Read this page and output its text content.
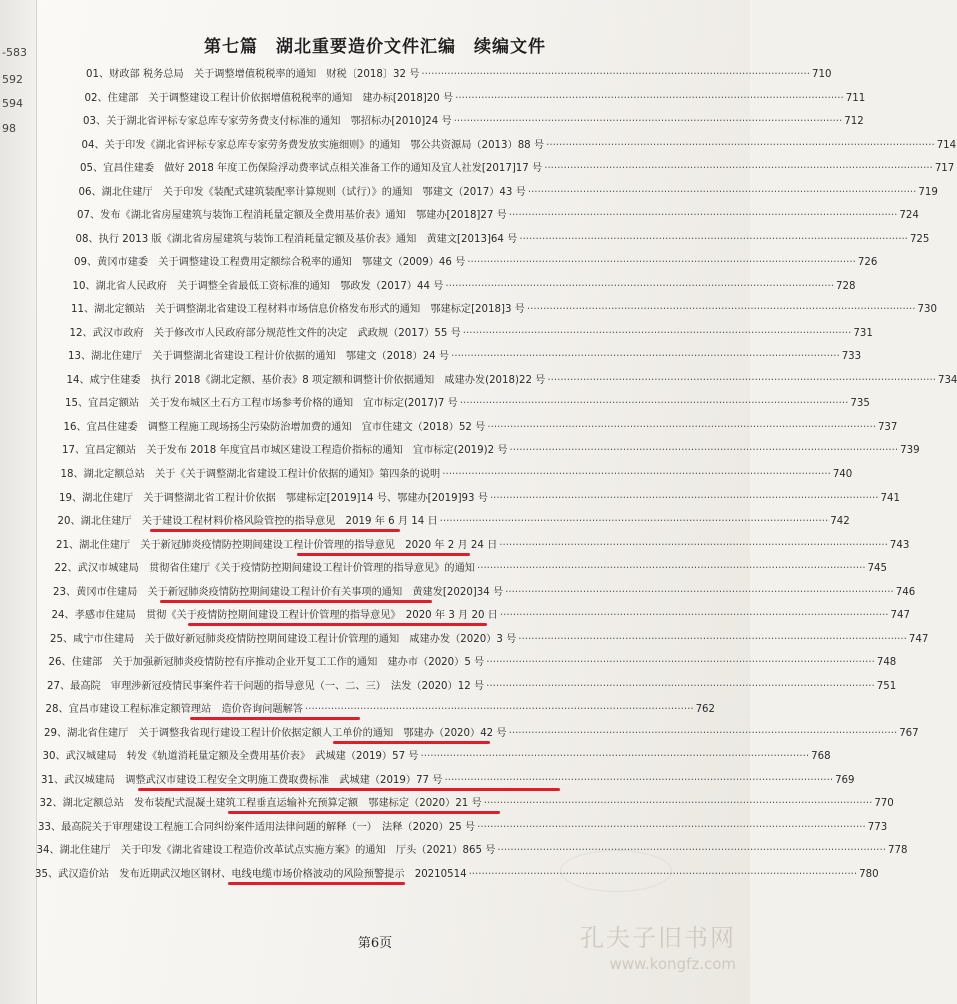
-583
592
594
98
第七篇　湖北重要造价文件汇编　续编文件
01、财政部 税务总局　关于调整增值税税率的通知　财税〔2018〕32 号 ························································································································ 710
02、住建部　关于调整建设工程计价依据增值税税率的通知　建办标[2018]20 号 ························································································································ 711
03、关于湖北省评标专家总库专家劳务费支付标准的通知　鄂招标办[2010]24 号 ························································································································ 712
04、关于印发《湖北省评标专家总库专家劳务费发放实施细则》的通知　鄂公共资源局（2013）88 号 ························································································································ 714
05、宜昌住建委　做好 2018 年度工伤保险浮动费率试点相关准备工作的通知及宜人社发[2017]17 号 ························································································································ 717
06、湖北住建厅　关于印发《装配式建筑装配率计算规则（试行）》的通知　鄂建文（2017）43 号 ························································································································ 719
07、发布《湖北省房屋建筑与装饰工程消耗量定额及全费用基价表》通知　鄂建办[2018]27 号 ························································································································ 724
08、执行 2013 版《湖北省房屋建筑与装饰工程消耗量定额及基价表》通知　黄建文[2013]64 号 ························································································································ 725
09、黄冈市建委　关于调整建设工程费用定额综合税率的通知　鄂建文（2009）46 号 ························································································································ 726
10、湖北省人民政府　关于调整全省最低工资标准的通知　鄂政发（2017）44 号 ························································································································ 728
11、湖北定额站　关于调整湖北省建设工程材料市场信息价格发布形式的通知　鄂建标定[2018]3 号 ························································································································ 730
12、武汉市政府　关于修改市人民政府部分规范性文件的决定　武政规（2017）55 号 ························································································································ 731
13、湖北住建厅　关于调整湖北省建设工程计价依据的通知　鄂建文（2018）24 号 ························································································································ 733
14、咸宁住建委　执行 2018《湖北定额、基价表》8 项定额和调整计价依据通知　咸建办发(2018)22 号 ························································································································ 734
15、宜昌定额站　关于发布城区土石方工程市场参考价格的通知　宜市标定(2017)7 号 ························································································································ 735
16、宜昌住建委　调整工程施工现场扬尘污染防治增加费的通知　宜市住建文（2018）52 号 ························································································································ 737
17、宜昌定额站　关于发布 2018 年度宜昌市城区建设工程造价指标的通知　宜市标定(2019)2 号 ························································································································ 739
18、湖北定额总站　关于《关于调整湖北省建设工程计价依据的通知》第四条的说明 ························································································································ 740
19、湖北住建厅　关于调整湖北省工程计价依据　鄂建标定[2019]14 号、鄂建办[2019]93 号 ························································································································ 741
20、湖北住建厅　关于建设工程材料价格风险管控的指导意见　2019 年 6 月 14 日 ························································································································ 742
21、湖北住建厅　关于新冠肺炎疫情防控期间建设工程计价管理的指导意见　2020 年 2 月 24 日 ························································································································ 743
22、武汉市城建局　贯彻省住建厅《关于疫情防控期间建设工程计价管理的指导意见》的通知 ························································································································ 745
23、黄冈市住建局　关于新冠肺炎疫情防控期间建设工程计价有关事项的通知　黄建发[2020]34 号 ························································································································ 746
24、孝感市住建局　贯彻《关于疫情防控期间建设工程计价管理的指导意见》　2020 年 3 月 20 日 ························································································································ 747
25、咸宁市住建局　关于做好新冠肺炎疫情防控期间建设工程计价管理的通知　咸建办发（2020）3 号 ························································································································ 747
26、住建部　关于加强新冠肺炎疫情防控有序推动企业开复工工作的通知　建办市（2020）5 号 ························································································································ 748
27、最高院　审理涉新冠疫情民事案件若干问题的指导意见（一、二、三）　法发（2020）12 号 ························································································································ 751
28、宜昌市建设工程标准定额管理站　造价咨询问题解答 ························································································································ 762
29、湖北省住建厅　关于调整我省现行建设工程计价依据定额人工单价的通知　鄂建办（2020）42 号 ························································································································ 767
30、武汉城建局　转发《轨道消耗量定额及全费用基价表》　武城建（2019）57 号 ························································································································ 768
31、武汉城建局　调整武汉市建设工程安全文明施工费取费标准　武城建（2019）77 号 ························································································································ 769
32、湖北定额总站　发布装配式混凝土建筑工程垂直运输补充预算定额　鄂建标定（2020）21 号 ························································································································ 770
33、最高院关于审理建设工程施工合同纠纷案件适用法律问题的解释（一）　法释（2020）25 号 ························································································································ 773
34、湖北住建厅　关于印发《湖北省建设工程造价改革试点实施方案》的通知　厅头（2021）865 号 ························································································································ 778
35、武汉造价站　发布近期武汉地区钢材、电线电缆市场价格波动的风险预警提示　20210514 ························································································································ 780
第6页	孔夫子旧书网
www.kongfz.com
